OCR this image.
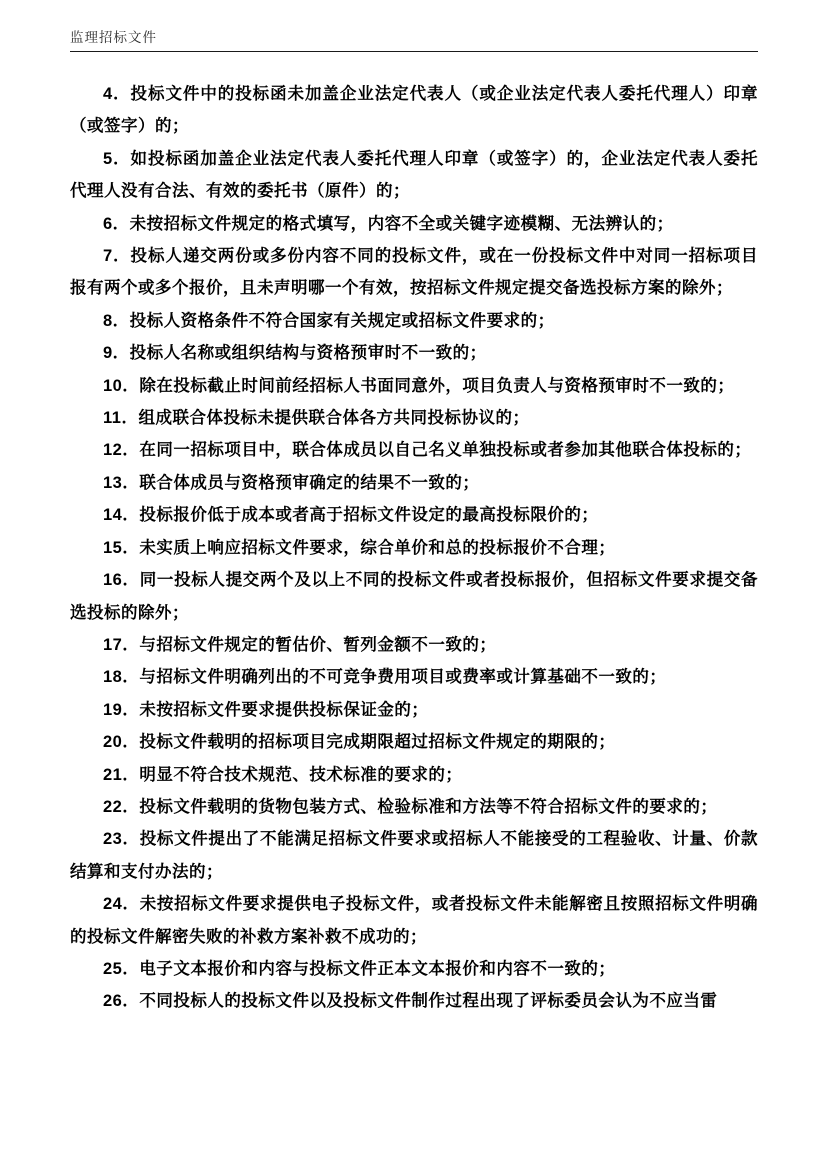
监理招标文件

4．投标文件中的投标函未加盖企业法定代表人（或企业法定代表人委托代理人）印章（或签字）的；

5．如投标函加盖企业法定代表人委托代理人印章（或签字）的，企业法定代表人委托代理人没有合法、有效的委托书（原件）的；

6．未按招标文件规定的格式填写，内容不全或关键字迹模糊、无法辨认的；

7．投标人递交两份或多份内容不同的投标文件，或在一份投标文件中对同一招标项目报有两个或多个报价，且未声明哪一个有效，按招标文件规定提交备选投标方案的除外；

8．投标人资格条件不符合国家有关规定或招标文件要求的；

9．投标人名称或组织结构与资格预审时不一致的；

10．除在投标截止时间前经招标人书面同意外，项目负责人与资格预审时不一致的；

11．组成联合体投标未提供联合体各方共同投标协议的；

12．在同一招标项目中，联合体成员以自己名义单独投标或者参加其他联合体投标的；

13．联合体成员与资格预审确定的结果不一致的；

14．投标报价低于成本或者高于招标文件设定的最高投标限价的；

15．未实质上响应招标文件要求，综合单价和总的投标报价不合理；

16．同一投标人提交两个及以上不同的投标文件或者投标报价，但招标文件要求提交备选投标的除外；

17．与招标文件规定的暂估价、暂列金额不一致的；

18．与招标文件明确列出的不可竞争费用项目或费率或计算基础不一致的；

19．未按招标文件要求提供投标保证金的；

20．投标文件载明的招标项目完成期限超过招标文件规定的期限的；

21．明显不符合技术规范、技术标准的要求的；

22．投标文件载明的货物包装方式、检验标准和方法等不符合招标文件的要求的；

23．投标文件提出了不能满足招标文件要求或招标人不能接受的工程验收、计量、价款结算和支付办法的；

24．未按招标文件要求提供电子投标文件，或者投标文件未能解密且按照招标文件明确的投标文件解密失败的补救方案补救不成功的；

25．电子文本报价和内容与投标文件正本文本报价和内容不一致的；

26．不同投标人的投标文件以及投标文件制作过程出现了评标委员会认为不应当雷
